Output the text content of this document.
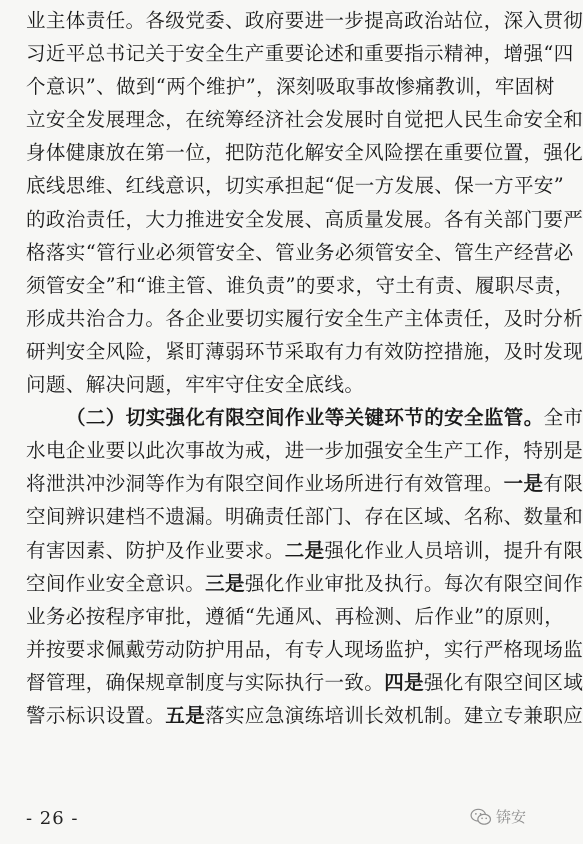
业主体责任。各级党委、政府要进一步提高政治站位，深入贯彻
习近平总书记关于安全生产重要论述和重要指示精神，增强“四
个意识”、做到“两个维护”，深刻吸取事故惨痛教训，牢固树
立安全发展理念，在统筹经济社会发展时自觉把人民生命安全和
身体健康放在第一位，把防范化解安全风险摆在重要位置，强化
底线思维、红线意识，切实承担起“促一方发展、保一方平安”
的政治责任，大力推进安全发展、高质量发展。各有关部门要严
格落实“管行业必须管安全、管业务必须管安全、管生产经营必
须管安全”和“谁主管、谁负责”的要求，守土有责、履职尽责，
形成共治合力。各企业要切实履行安全生产主体责任，及时分析
研判安全风险，紧盯薄弱环节采取有力有效防控措施，及时发现
问题、解决问题，牢牢守住安全底线。
（二）切实强化有限空间作业等关键环节的安全监管。全市
水电企业要以此次事故为戒，进一步加强安全生产工作，特别是
将泄洪冲沙洞等作为有限空间作业场所进行有效管理。一是有限
空间辨识建档不遗漏。明确责任部门、存在区域、名称、数量和
有害因素、防护及作业要求。二是强化作业人员培训，提升有限
空间作业安全意识。三是强化作业审批及执行。每次有限空间作
业务必按程序审批，遵循“先通风、再检测、后作业”的原则，
并按要求佩戴劳动防护用品，有专人现场监护，实行严格现场监
督管理，确保规章制度与实际执行一致。四是强化有限空间区域
警示标识设置。五是落实应急演练培训长效机制。建立专兼职应
- 26 -	锛安
